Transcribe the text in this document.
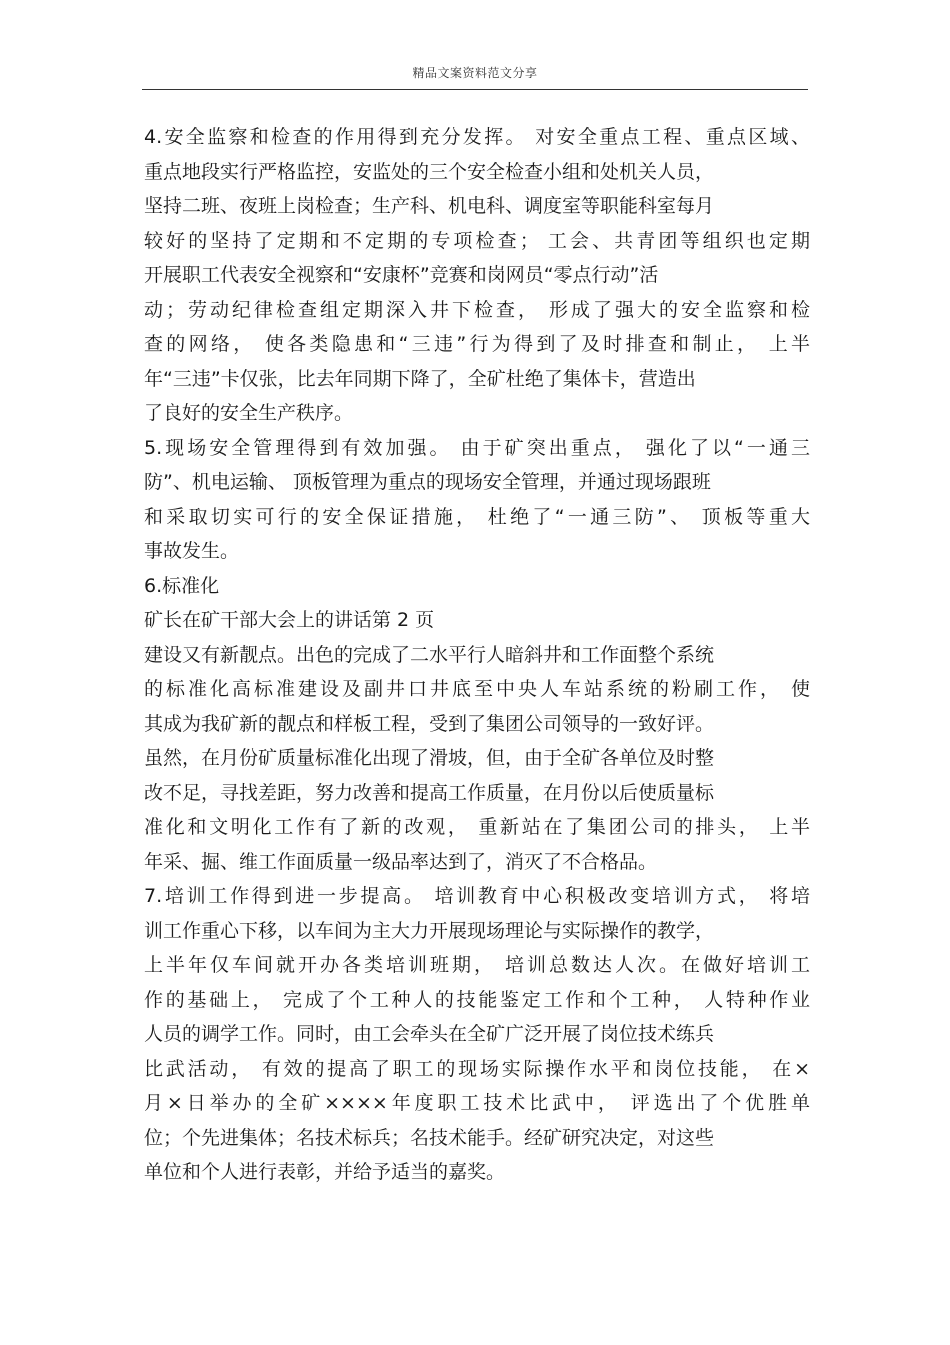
精品文案资料范文分享
4.安全监察和检查的作用得到充分发挥。 对安全重点工程、重点区域、
重点地段实行严格监控，安监处的三个安全检查小组和处机关人员，
坚持二班、夜班上岗检查；生产科、机电科、调度室等职能科室每月
较好的坚持了定期和不定期的专项检查； 工会、共青团等组织也定期
开展职工代表安全视察和“安康杯”竞赛和岗网员“零点行动”活
动；劳动纪律检查组定期深入井下检查， 形成了强大的安全监察和检
查的网络， 使各类隐患和“三违”行为得到了及时排查和制止， 上半
年“三违”卡仅张，比去年同期下降了，全矿杜绝了集体卡，营造出
了良好的安全生产秩序。
5.现场安全管理得到有效加强。 由于矿突出重点， 强化了以“一通三
防”、机电运输、 顶板管理为重点的现场安全管理，并通过现场跟班
和采取切实可行的安全保证措施， 杜绝了“一通三防”、 顶板等重大
事故发生。
6.标准化
矿长在矿干部大会上的讲话第 2 页
建设又有新靓点。出色的完成了二水平行人暗斜井和工作面整个系统
的标准化高标准建设及副井口井底至中央人车站系统的粉刷工作， 使
其成为我矿新的靓点和样板工程，受到了集团公司领导的一致好评。
虽然，在月份矿质量标准化出现了滑坡，但，由于全矿各单位及时整
改不足，寻找差距，努力改善和提高工作质量，在月份以后使质量标
准化和文明化工作有了新的改观， 重新站在了集团公司的排头， 上半
年采、掘、维工作面质量一级品率达到了，消灭了不合格品。
7.培训工作得到进一步提高。 培训教育中心积极改变培训方式， 将培
训工作重心下移，以车间为主大力开展现场理论与实际操作的教学，
上半年仅车间就开办各类培训班期， 培训总数达人次。在做好培训工
作的基础上， 完成了个工种人的技能鉴定工作和个工种， 人特种作业
人员的调学工作。同时，由工会牵头在全矿广泛开展了岗位技术练兵
比武活动， 有效的提高了职工的现场实际操作水平和岗位技能， 在×
月×日举办的全矿××××年度职工技术比武中， 评选出了个优胜单
位；个先进集体；名技术标兵；名技术能手。经矿研究决定，对这些
单位和个人进行表彰，并给予适当的嘉奖。
